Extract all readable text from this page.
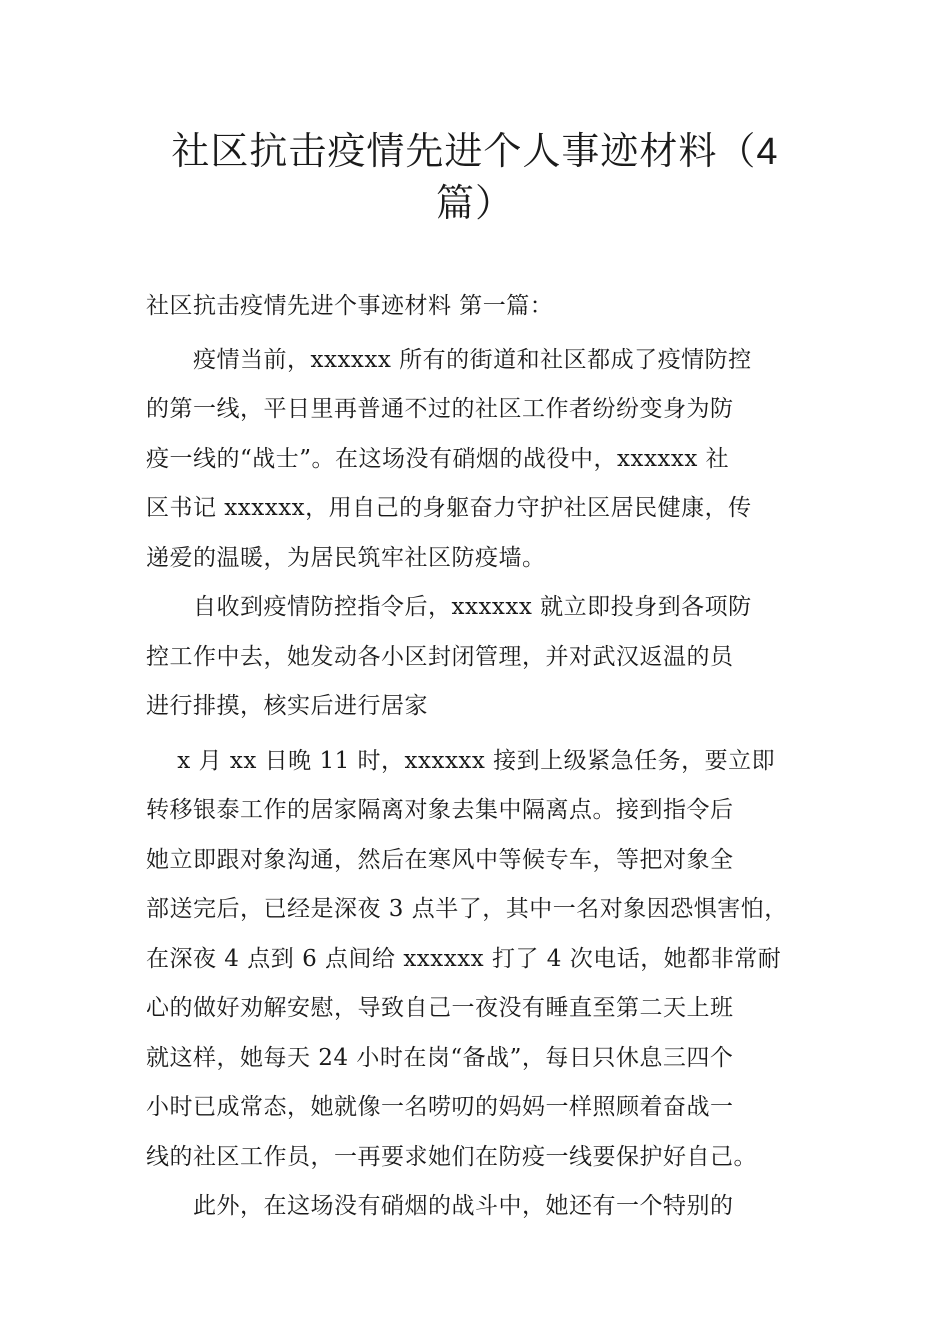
社区抗击疫情先进个人事迹材料（4
篇）
社区抗击疫情先进个事迹材料 第一篇：

　　疫情当前，xxxxxx 所有的街道和社区都成了疫情防控
的第一线，平日里再普通不过的社区工作者纷纷变身为防
疫一线的“战士”。在这场没有硝烟的战役中，xxxxxx 社
区书记 xxxxxx，用自己的身躯奋力守护社区居民健康，传
递爱的温暖，为居民筑牢社区防疫墙。

　　自收到疫情防控指令后，xxxxxx 就立即投身到各项防
控工作中去，她发动各小区封闭管理，并对武汉返温的员
进行排摸，核实后进行居家

　 x 月 xx 日晚 11 时，xxxxxx 接到上级紧急任务，要立即
转移银泰工作的居家隔离对象去集中隔离点。接到指令后
她立即跟对象沟通，然后在寒风中等候专车，等把对象全
部送完后，已经是深夜 3 点半了，其中一名对象因恐惧害怕，
在深夜 4 点到 6 点间给 xxxxxx 打了 4 次电话，她都非常耐
心的做好劝解安慰，导致自己一夜没有睡直至第二天上班
就这样，她每天 24 小时在岗“备战”，每日只休息三四个
小时已成常态，她就像一名唠叨的妈妈一样照顾着奋战一
线的社区工作员，一再要求她们在防疫一线要保护好自己。

　　此外，在这场没有硝烟的战斗中，她还有一个特别的
